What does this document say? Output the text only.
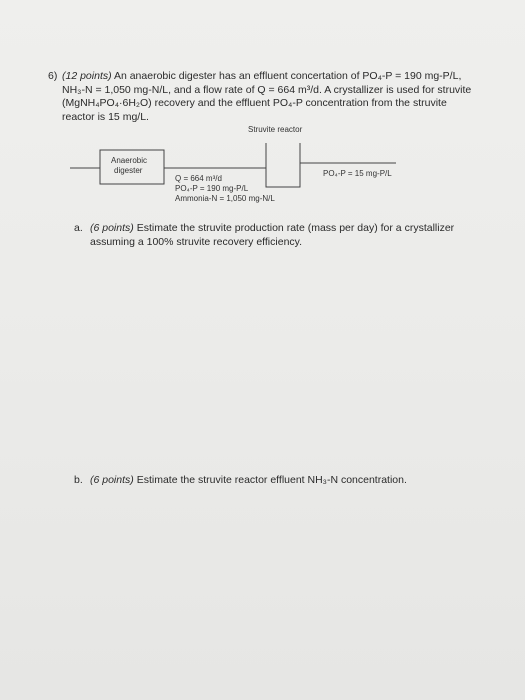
6) (12 points) An anaerobic digester has an effluent concertation of PO₄-P = 190 mg-P/L,
NH₃-N = 1,050 mg-N/L, and a flow rate of Q = 664 m³/d. A crystallizer is used for struvite
(MgNH₄PO₄·6H₂O) recovery and the effluent PO₄-P concentration from the struvite
reactor is 15 mg/L.
Struvite reactor
Anaerobic
digester
Q = 664 m³/d
PO₄-P = 190 mg-P/L
Ammonia-N = 1,050 mg-N/L
PO₄-P = 15 mg-P/L
a. (6 points) Estimate the struvite production rate (mass per day) for a crystallizer
assuming a 100% struvite recovery efficiency.
b. (6 points) Estimate the struvite reactor effluent NH₃-N concentration.
